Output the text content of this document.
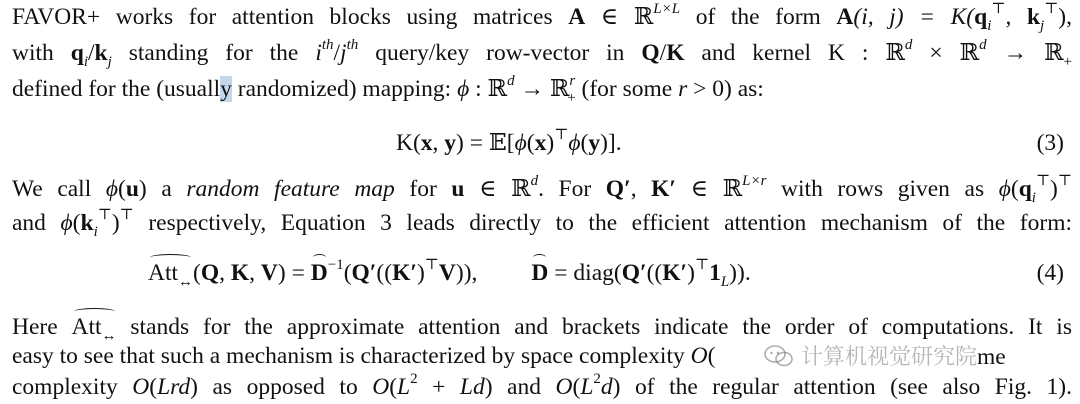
FAVOR+ works for attention blocks using matrices A ∈ ℝ$^{L\times L}$ of the form A(i, $j) = K(q_i^⊤$, $k_j^⊤$),
with $q_i/k_j$ standing for the $i^{th}/j^{th}$ query/key row-vector in Q/K and kernel K : ℝ$^d$ × ℝ$^d$ → ℝ$_+$
defined for the (usually randomized) mapping: ϕ : ℝ$^d$ → ℝ$^r_+$ (for some r > 0) as:
K(x, y) = 𝔼[ϕ(x)⊤ϕ(y)].	(3)
We call ϕ(u) a random feature map for u ∈ ℝ$^d$. For Q′, K′ ∈ ℝ$^{L\times r}$ with rows given as $\phi(q_i^⊤)^⊤$
and $\phi(k_i^⊤)^⊤$ respectively, Equation 3 leads directly to the efficient attention mechanism of the form:
Att$_\leftrightarrow$(Q, K, $V) = D^{-1}(Q'((K')^⊤V))$, $D = diag(Q'((K')^⊤1_L))$.	(4)
Here Att$_\leftrightarrow$ stands for the approximate attention and brackets indicate the order of computations. It is
easy to see that such a mechanism is characterized by space complexity O(
complexity O(Lrd) as opposed to $O(L^2 + Ld)$ and $O(L^2d)$ of the regular attention (see also Fig. 1).
计算机视觉研究院me
